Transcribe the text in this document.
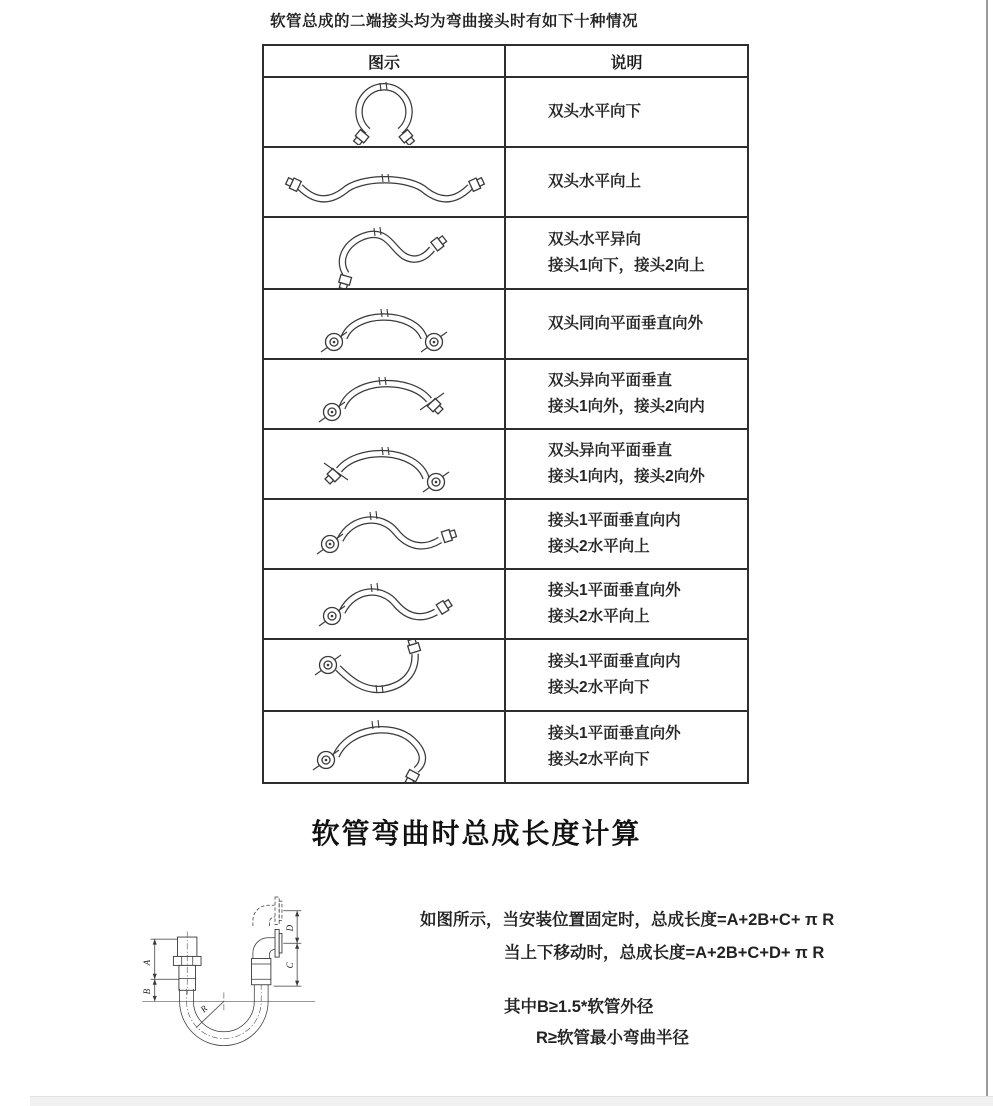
软管总成的二端接头均为弯曲接头时有如下十种情况
图示	说明

双头水平向下

双头水平向上

双头水平异向
接头1向下，接头2向上

双头同向平面垂直向外

双头异向平面垂直
接头1向外，接头2向内

双头异向平面垂直
接头1向内，接头2向外

接头1平面垂直向内
接头2水平向上

接头1平面垂直向外
接头2水平向上

接头1平面垂直向内
接头2水平向下

接头1平面垂直向外
接头2水平向下
软管弯曲时总成长度计算
A
B
D
C
R
如图所示，当安装位置固定时，总成长度=A+2B+C+ π R
当上下移动时，总成长度=A+2B+C+D+ π R
其中B≥1.5*软管外径
R≥软管最小弯曲半径
